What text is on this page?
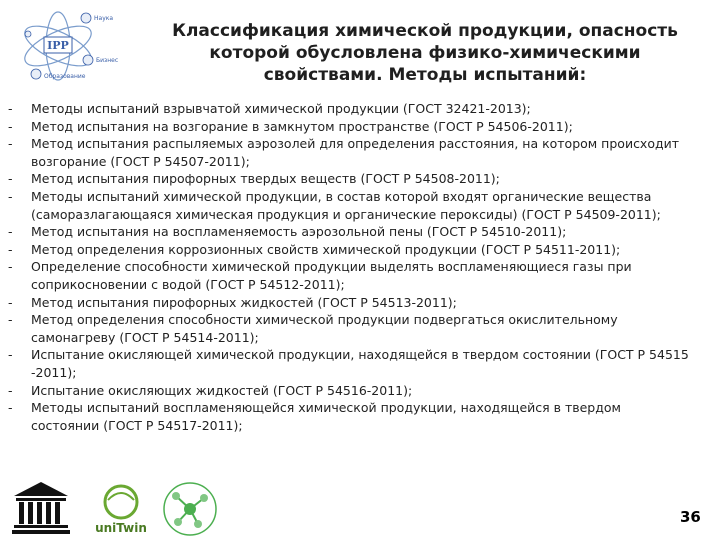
IPP
Наука
Бизнес
Образование
Классификация химической продукции, опасность
которой обусловлена физико-химическими
свойствами. Методы испытаний:
- Методы испытаний взрывчатой химической продукции (ГОСТ 32421-2013);
- Метод испытания на возгорание в замкнутом пространстве (ГОСТ Р 54506-2011);
- Метод испытания распыляемых аэрозолей для определения расстояния, на котором происходит
возгорание (ГОСТ Р 54507-2011);
- Метод испытания пирофорных твердых веществ (ГОСТ Р 54508-2011);
- Методы испытаний химической продукции, в состав которой входят органические вещества
(саморазлагающаяся химическая продукция и органические пероксиды) (ГОСТ Р 54509-2011);
- Метод испытания на воспламеняемость аэрозольной пены (ГОСТ Р 54510-2011);
- Метод определения коррозионных свойств химической продукции (ГОСТ Р 54511-2011);
- Определение способности химической продукции выделять воспламеняющиеся газы при
соприкосновении с водой (ГОСТ Р 54512-2011);
- Метод испытания пирофорных жидкостей (ГОСТ Р 54513-2011);
- Метод определения способности химической продукции подвергаться окислительному
самонагреву (ГОСТ Р 54514-2011);
- Испытание окисляющей химической продукции, находящейся в твердом состоянии (ГОСТ Р 54515
-2011);
- Испытание окисляющих жидкостей (ГОСТ Р 54516-2011);
- Методы испытаний воспламеняющейся химической продукции, находящейся в твердом
состоянии (ГОСТ Р 54517-2011);
uniTwin
36
